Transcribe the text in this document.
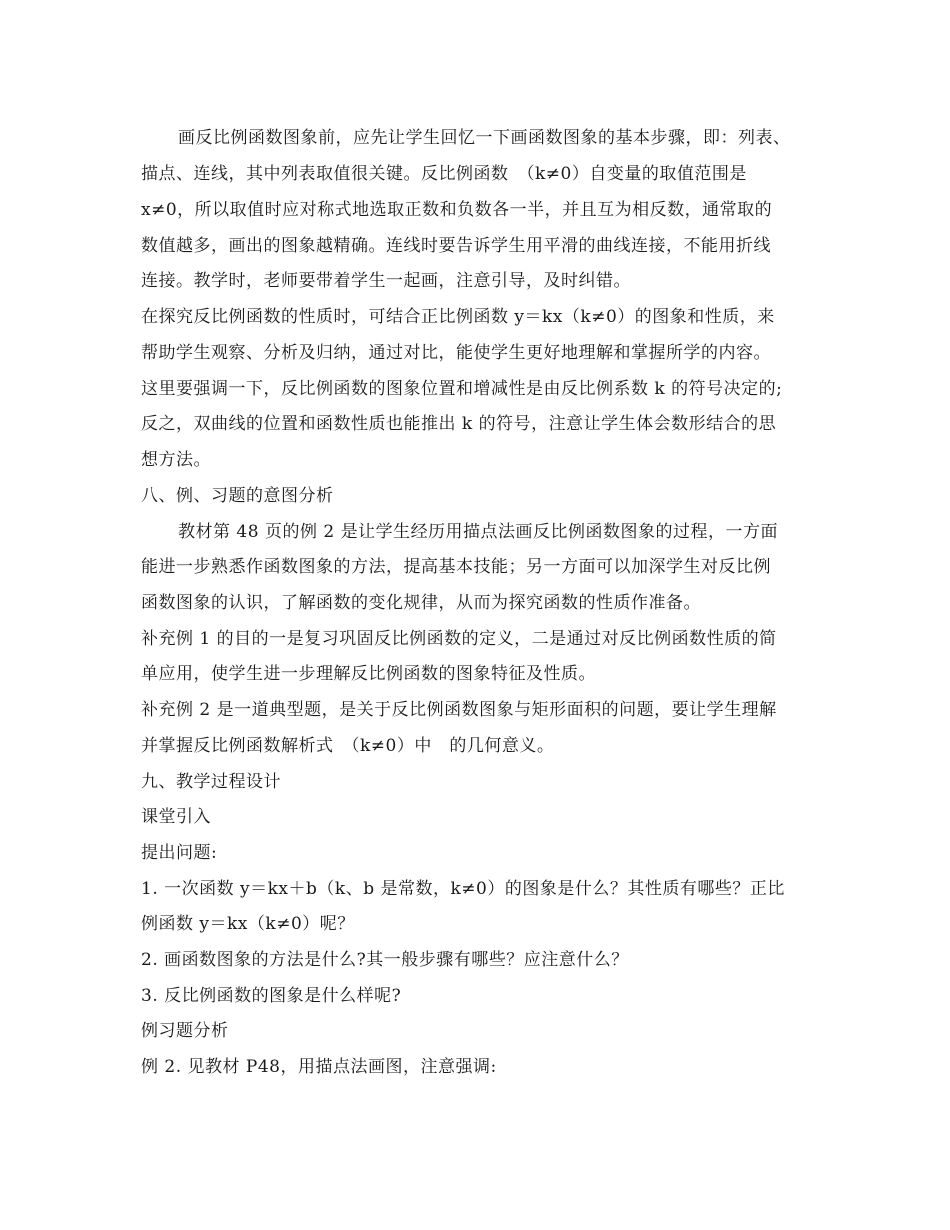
画反比例函数图象前，应先让学生回忆一下画函数图象的基本步骤，即：列表、
描点、连线，其中列表取值很关键。反比例函数　（k≠0）自变量的取值范围是
x≠0，所以取值时应对称式地选取正数和负数各一半，并且互为相反数，通常取的
数值越多，画出的图象越精确。连线时要告诉学生用平滑的曲线连接，不能用折线
连接。教学时，老师要带着学生一起画，注意引导，及时纠错。
在探究反比例函数的性质时，可结合正比例函数 y＝kx（k≠0）的图象和性质，来
帮助学生观察、分析及归纳，通过对比，能使学生更好地理解和掌握所学的内容。
这里要强调一下，反比例函数的图象位置和增减性是由反比例系数 k 的符号决定的;
反之，双曲线的位置和函数性质也能推出 k 的符号，注意让学生体会数形结合的思
想方法。
八、例、习题的意图分析
教材第 48 页的例 2 是让学生经历用描点法画反比例函数图象的过程，一方面
能进一步熟悉作函数图象的方法，提高基本技能；另一方面可以加深学生对反比例
函数图象的认识，了解函数的变化规律，从而为探究函数的性质作准备。
补充例 1 的目的一是复习巩固反比例函数的定义，二是通过对反比例函数性质的简
单应用，使学生进一步理解反比例函数的图象特征及性质。
补充例 2 是一道典型题，是关于反比例函数图象与矩形面积的问题，要让学生理解
并掌握反比例函数解析式　（k≠0）中　的几何意义。
九、教学过程设计
课堂引入
提出问题:
1. 一次函数 y＝kx＋b（k、b 是常数，k≠0）的图象是什么？其性质有哪些？正比
例函数 y＝kx（k≠0）呢？
2. 画函数图象的方法是什么?其一般步骤有哪些？应注意什么？
3. 反比例函数的图象是什么样呢?
例习题分析
例 2. 见教材 P48，用描点法画图，注意强调:
